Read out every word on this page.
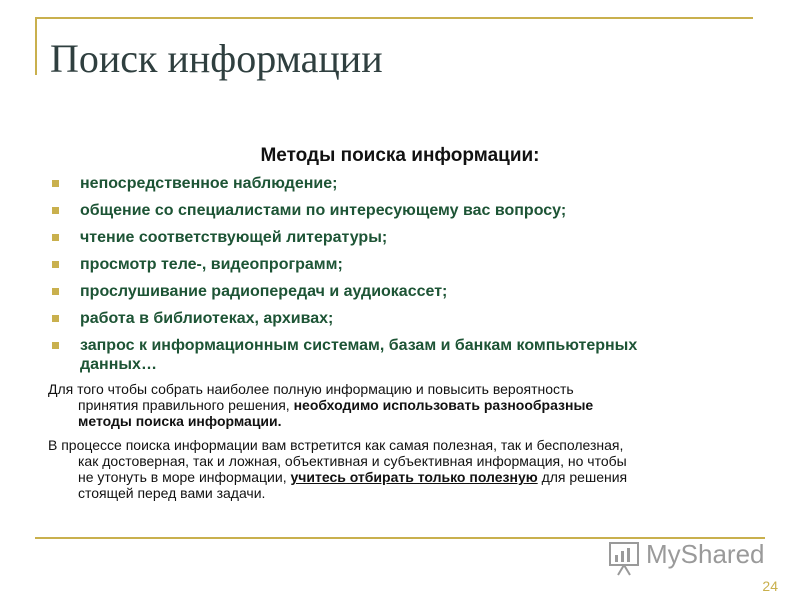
Поиск информации
Методы поиска информации:
непосредственное наблюдение;
общение со специалистами по интересующему вас вопросу;
чтение соответствующей литературы;
просмотр теле-, видеопрограмм;
прослушивание радиопередач и аудиокассет;
работа в библиотеках, архивах;
запрос к информационным системам, базам и банкам компьютерных
данных…
Для того чтобы собрать наиболее полную информацию и повысить вероятность
принятия правильного решения, необходимо использовать разнообразные
методы поиска информации.
В процессе поиска информации вам встретится как самая полезная, так и бесполезная,
как достоверная, так и ложная, объективная и субъективная информация, но чтобы
не утонуть в море информации, учитесь отбирать только полезную для решения
стоящей перед вами задачи.
MyShared
24
